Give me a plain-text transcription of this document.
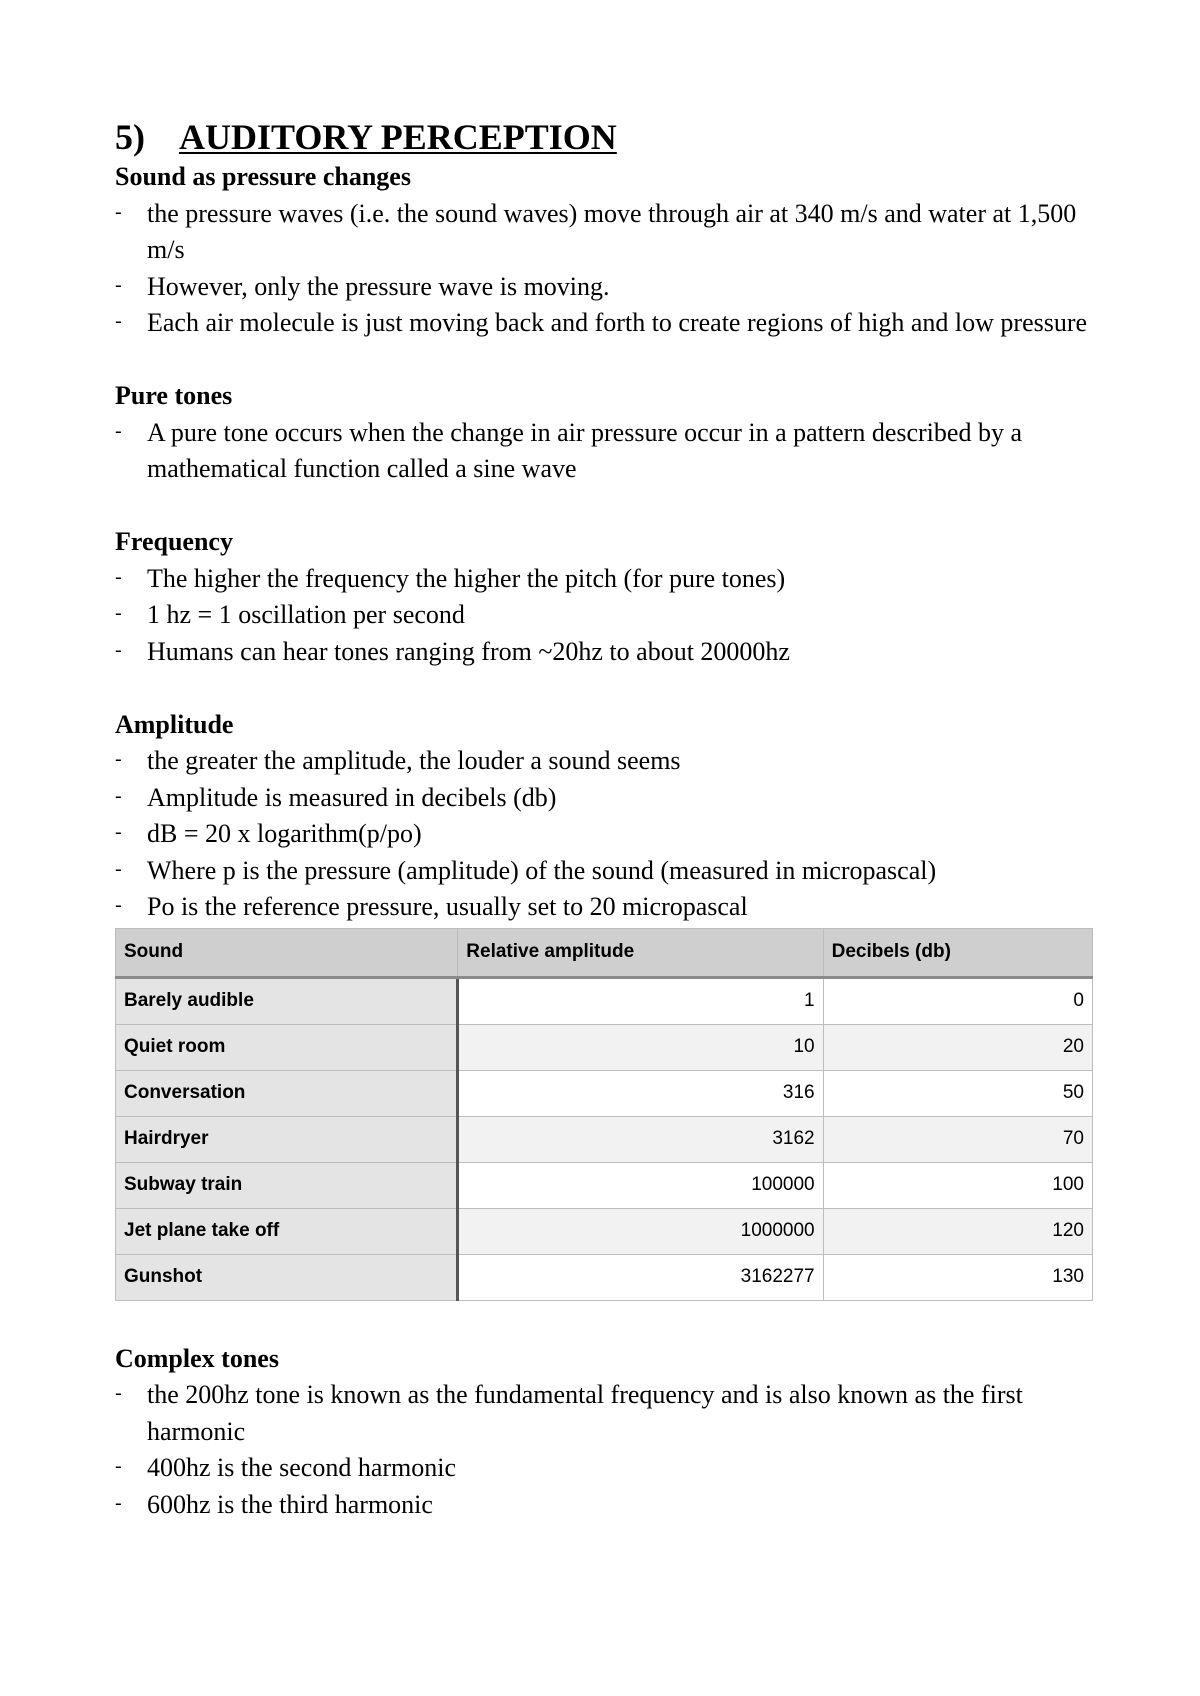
5) AUDITORY PERCEPTION
Sound as pressure changes
- the pressure waves (i.e. the sound waves) move through air at 340 m/s and water at 1,500 m/s
- However, only the pressure wave is moving.
- Each air molecule is just moving back and forth to create regions of high and low pressure
Pure tones
- A pure tone occurs when the change in air pressure occur in a pattern described by a mathematical function called a sine wave
Frequency
- The higher the frequency the higher the pitch (for pure tones)
- 1 hz = 1 oscillation per second
- Humans can hear tones ranging from ~20hz to about 20000hz
Amplitude
- the greater the amplitude, the louder a sound seems
- Amplitude is measured in decibels (db)
- dB = 20 x logarithm(p/po)
- Where p is the pressure (amplitude) of the sound (measured in micropascal)
- Po is the reference pressure, usually set to 20 micropascal
Sound	Relative amplitude	Decibels (db)
Barely audible	1	0
Quiet room	10	20
Conversation	316	50
Hairdryer	3162	70
Subway train	100000	100
Jet plane take off	1000000	120
Gunshot	3162277	130
Complex tones
- the 200hz tone is known as the fundamental frequency and is also known as the first harmonic
- 400hz is the second harmonic
- 600hz is the third harmonic
